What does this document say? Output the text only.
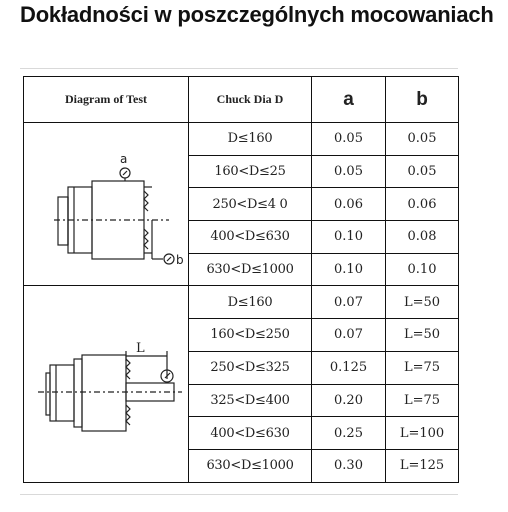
Dokładności w poszczególnych mocowaniach
Diagram of Test	Chuck Dia D	a	b

a
b	D≤160	0.05	0.05
	160<D≤25	0.05	0.05
	250<D≤4 0	0.06	0.06
	400<D≤630	0.10	0.08
	630<D≤1000	0.10	0.10

L	D≤160	0.07	L=50
	160<D≤250	0.07	L=50
	250<D≤325	0.125	L=75
	325<D≤400	0.20	L=75
	400<D≤630	0.25	L=100
	630<D≤1000	0.30	L=125
